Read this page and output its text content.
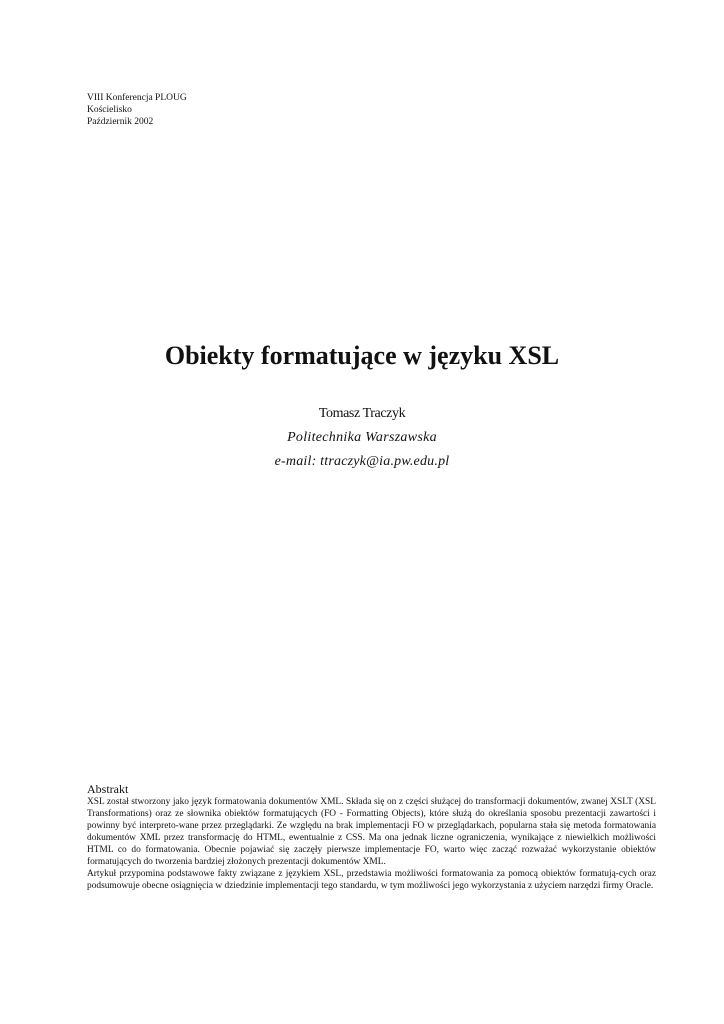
VIII Konferencja PLOUG
Kościelisko
Październik 2002
Obiekty formatujące w języku XSL
Tomasz Traczyk
Politechnika Warszawska
e-mail: ttraczyk@ia.pw.edu.pl
Abstrakt

XSL został stworzony jako język formatowania dokumentów XML. Składa się on z części służącej do transformacji dokumentów, zwanej XSLT (XSL Transformations) oraz ze słownika obiektów formatujących (FO - Formatting Objects), które służą do określania sposobu prezentacji zawartości i powinny być interpreto-wane przez przeglądarki. Ze względu na brak implementacji FO w przeglądarkach, popularna stała się metoda formatowania dokumentów XML przez transformację do HTML, ewentualnie z CSS. Ma ona jednak liczne ograniczenia, wynikające z niewielkich możliwości HTML co do formatowania. Obecnie pojawiać się zaczęły pierwsze implementacje FO, warto więc zacząć rozważać wykorzystanie obiektów formatujących do tworzenia bardziej złożonych prezentacji dokumentów XML.

Artykuł przypomina podstawowe fakty związane z językiem XSL, przedstawia możliwości formatowania za pomocą obiektów formatują-cych oraz podsumowuje obecne osiągnięcia w dziedzinie implementacji tego standardu, w tym możliwości jego wykorzystania z użyciem narzędzi firmy Oracle.
